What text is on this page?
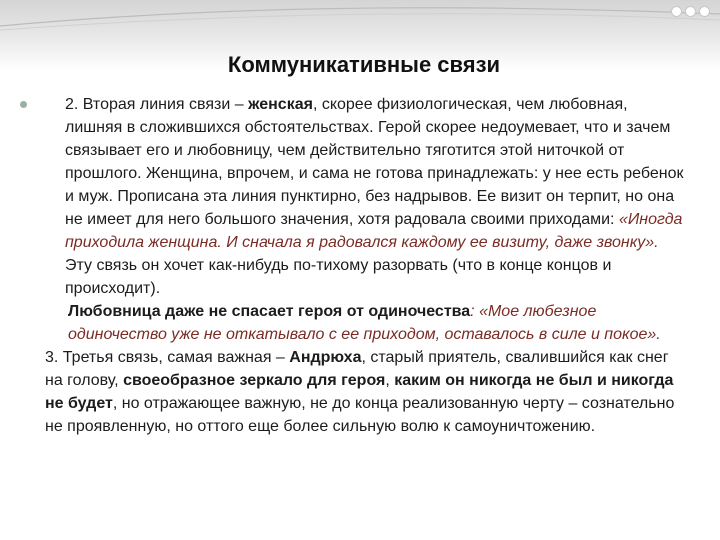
Коммуникативные связи
2. Вторая линия связи – женская, скорее физиологическая, чем любовная, лишняя в сложившихся обстоятельствах. Герой скорее недоумевает, что и зачем связывает его и любовницу, чем действительно тяготится этой ниточкой от прошлого. Женщина, впрочем, и сама не готова принадлежать: у нее есть ребенок и муж. Прописана эта линия пунктирно, без надрывов. Ее визит он терпит, но она не имеет для него большого значения, хотя радовала своими приходами: «Иногда приходила женщина. И сначала я радовался каждому ее визиту, даже звонку». Эту связь он хочет как-нибудь по-тихому разорвать (что в конце концов и происходит).
Любовница даже не спасает героя от одиночества: «Мое любезное одиночество уже не откатывало с ее приходом, оставалось в силе и покое».
3. Третья связь, самая важная – Андрюха, старый приятель, свалившийся как снег на голову, своеобразное зеркало для героя, каким он никогда не был и никогда не будет, но отражающее важную, не до конца реализованную черту – сознательно не проявленную, но оттого еще более сильную волю к самоуничтожению.
